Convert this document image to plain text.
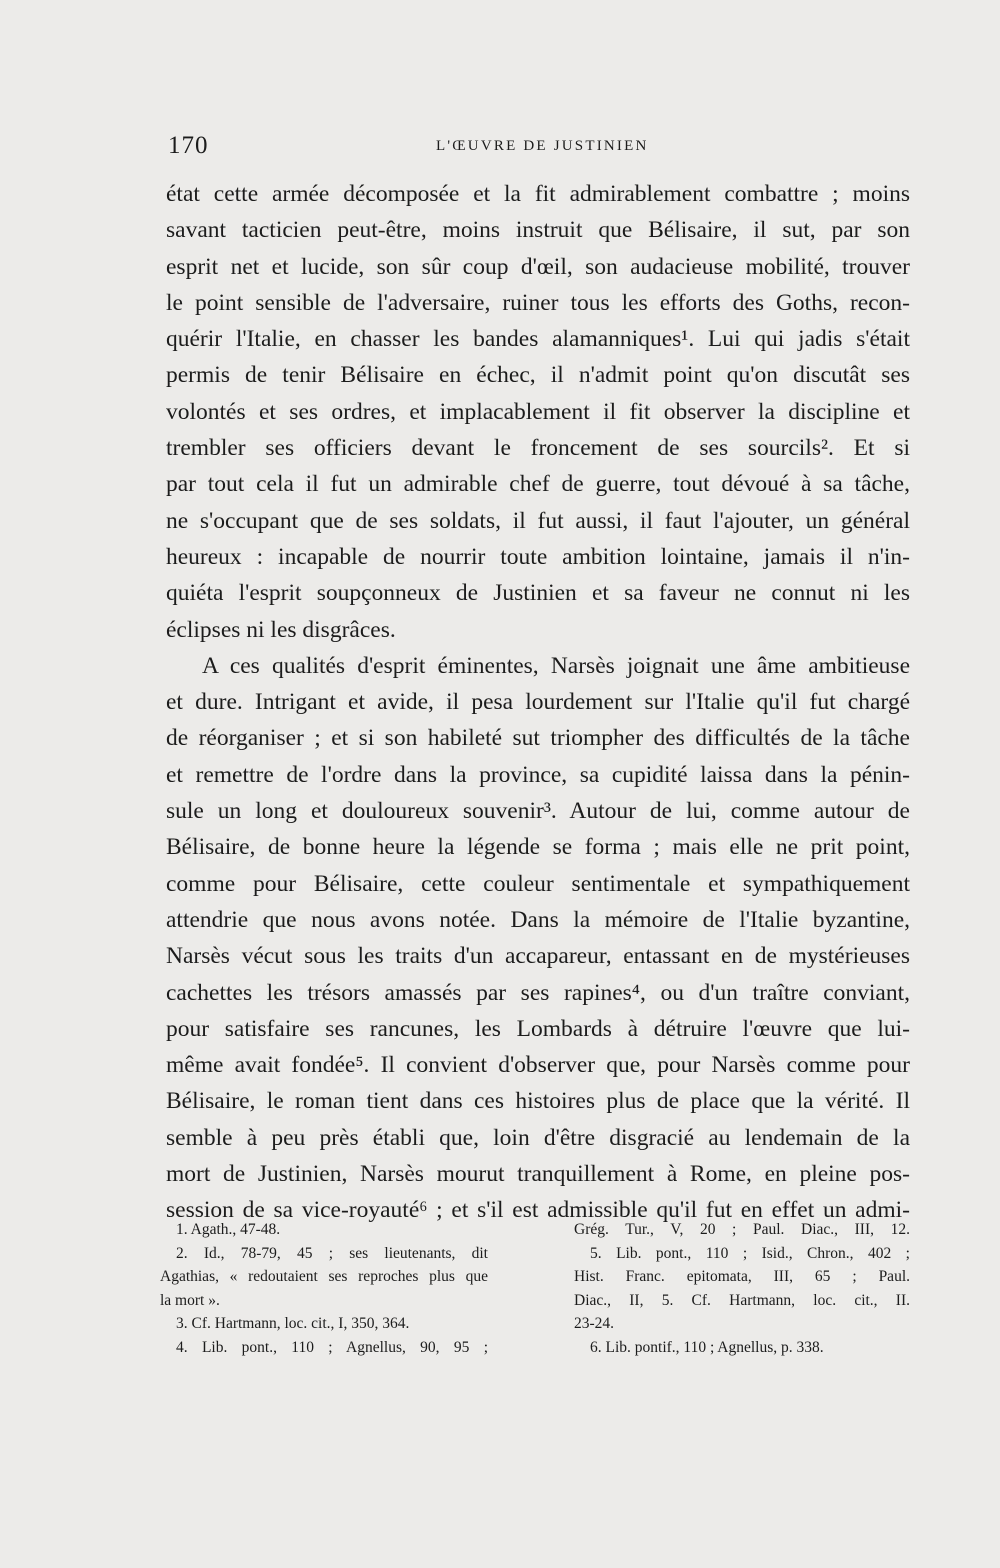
170	L'ŒUVRE DE JUSTINIEN
état cette armée décomposée et la fit admirablement combattre ; moins
savant tacticien peut-être, moins instruit que Bélisaire, il sut, par son
esprit net et lucide, son sûr coup d'œil, son audacieuse mobilité, trouver
le point sensible de l'adversaire, ruiner tous les efforts des Goths, recon-
quérir l'Italie, en chasser les bandes alamanniques¹. Lui qui jadis s'était
permis de tenir Bélisaire en échec, il n'admit point qu'on discutât ses
volontés et ses ordres, et implacablement il fit observer la discipline et
trembler ses officiers devant le froncement de ses sourcils². Et si
par tout cela il fut un admirable chef de guerre, tout dévoué à sa tâche,
ne s'occupant que de ses soldats, il fut aussi, il faut l'ajouter, un général
heureux : incapable de nourrir toute ambition lointaine, jamais il n'in-
quiéta l'esprit soupçonneux de Justinien et sa faveur ne connut ni les
éclipses ni les disgrâces.
A ces qualités d'esprit éminentes, Narsès joignait une âme ambitieuse
et dure. Intrigant et avide, il pesa lourdement sur l'Italie qu'il fut chargé
de réorganiser ; et si son habileté sut triompher des difficultés de la tâche
et remettre de l'ordre dans la province, sa cupidité laissa dans la pénin-
sule un long et douloureux souvenir³. Autour de lui, comme autour de
Bélisaire, de bonne heure la légende se forma ; mais elle ne prit point,
comme pour Bélisaire, cette couleur sentimentale et sympathiquement
attendrie que nous avons notée. Dans la mémoire de l'Italie byzantine,
Narsès vécut sous les traits d'un accapareur, entassant en de mystérieuses
cachettes les trésors amassés par ses rapines⁴, ou d'un traître conviant,
pour satisfaire ses rancunes, les Lombards à détruire l'œuvre que lui-
même avait fondée⁵. Il convient d'observer que, pour Narsès comme pour
Bélisaire, le roman tient dans ces histoires plus de place que la vérité. Il
semble à peu près établi que, loin d'être disgracié au lendemain de la
mort de Justinien, Narsès mourut tranquillement à Rome, en pleine pos-
session de sa vice-royauté⁶ ; et s'il est admissible qu'il fut en effet un admi-
1. Agath., 47-48.
2. Id., 78-79, 45 ; ses lieutenants, dit
Agathias, « redoutaient ses reproches plus que
la mort ».
3. Cf. Hartmann, loc. cit., I, 350, 364.
4. Lib. pont., 110 ; Agnellus, 90, 95 ;
Grég. Tur., V, 20 ; Paul. Diac., III, 12.
5. Lib. pont., 110 ; Isid., Chron., 402 ;
Hist. Franc. epitomata, III, 65 ; Paul.
Diac., II, 5. Cf. Hartmann, loc. cit., II.
23-24.
6. Lib. pontif., 110 ; Agnellus, p. 338.
